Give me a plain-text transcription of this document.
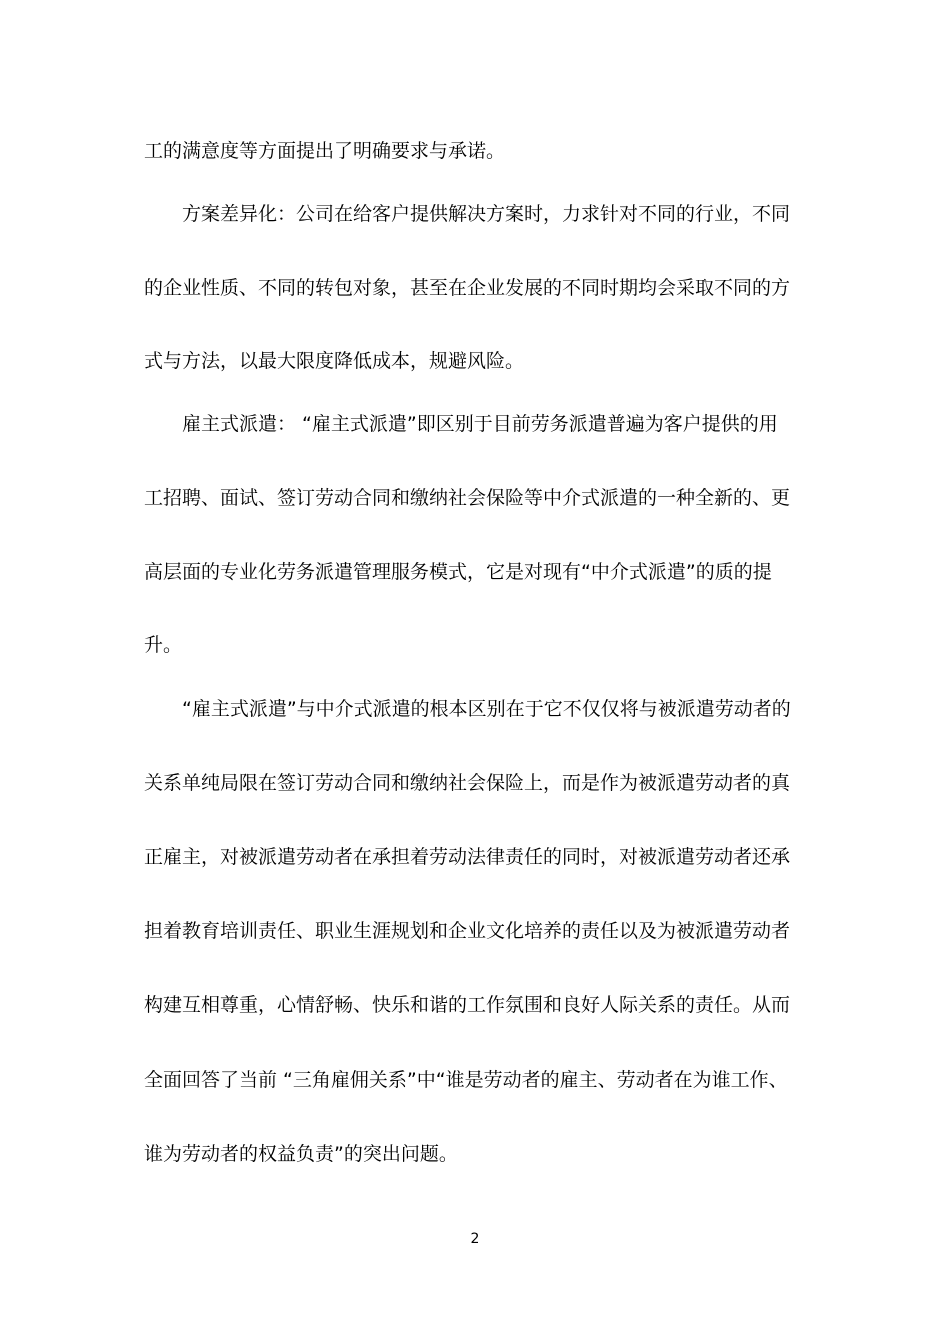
工的满意度等方面提出了明确要求与承诺。
方案差异化：公司在给客户提供解决方案时，力求针对不同的行业，不同
的企业性质、不同的转包对象，甚至在企业发展的不同时期均会采取不同的方
式与方法，以最大限度降低成本，规避风险。
雇主式派遣： “雇主式派遣”即区别于目前劳务派遣普遍为客户提供的用
工招聘、面试、签订劳动合同和缴纳社会保险等中介式派遣的一种全新的、更
高层面的专业化劳务派遣管理服务模式，它是对现有“中介式派遣”的质的提
升。
“雇主式派遣”与中介式派遣的根本区别在于它不仅仅将与被派遣劳动者的
关系单纯局限在签订劳动合同和缴纳社会保险上，而是作为被派遣劳动者的真
正雇主，对被派遣劳动者在承担着劳动法律责任的同时，对被派遣劳动者还承
担着教育培训责任、职业生涯规划和企业文化培养的责任以及为被派遣劳动者
构建互相尊重，心情舒畅、快乐和谐的工作氛围和良好人际关系的责任。从而
全面回答了当前 “三角雇佣关系”中“谁是劳动者的雇主、劳动者在为谁工作、
谁为劳动者的权益负责”的突出问题。
2
